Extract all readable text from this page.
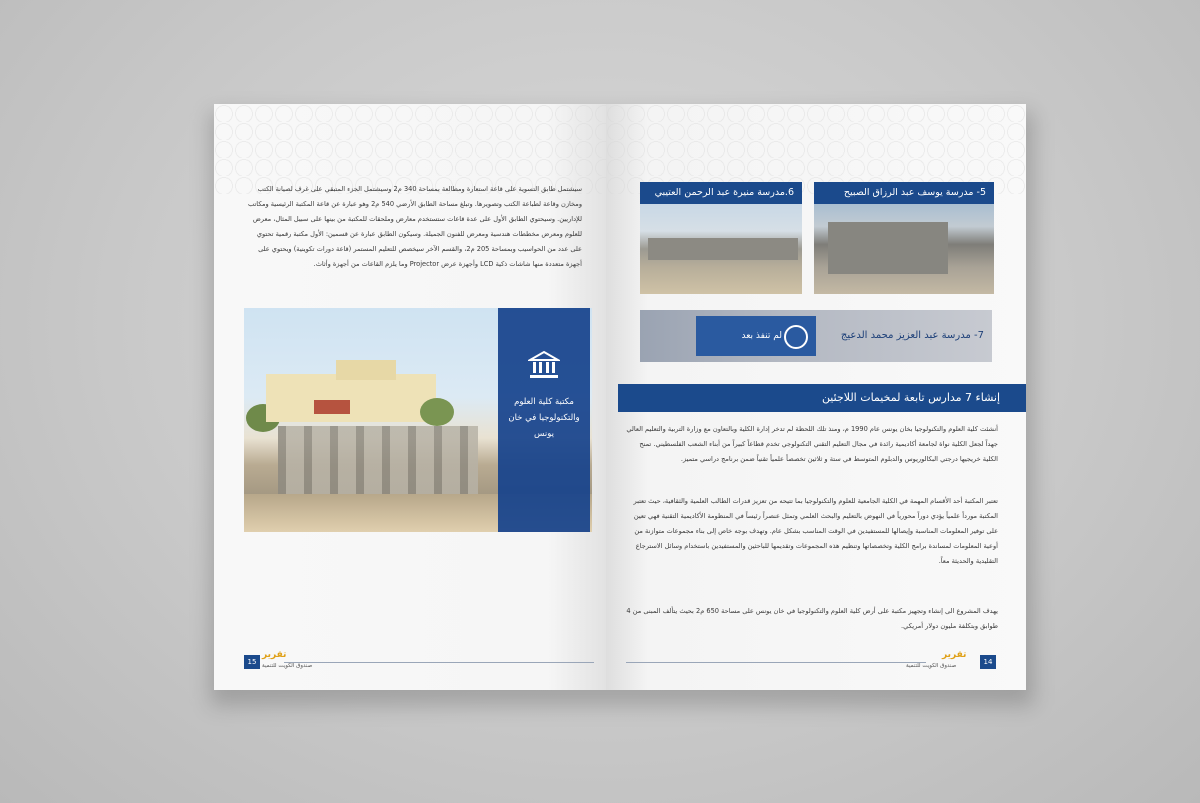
سيشتمل طابق التسوية على قاعة استعارة ومطالعة بمساحة 340 م2 وسيشتمل الجزء المتبقي على غرف لصيانة الكتب ومخازن وقاعة لطباعة الكتب وتصويرها. وتبلغ مساحة الطابق الأرضي 540 م2 وهو عبارة عن قاعة المكتبة الرئيسية ومكاتب للإداريين. وسيحتوي الطابق الأول على عدة قاعات ستستخدم معارض وملحقات للمكتبة من بينها على سبيل المثال، معرض للعلوم ومعرض مخططات هندسية ومعرض للفنون الجميلة. وسيكون الطابق عبارة عن قسمين: الأول مكتبة رقمية تحتوي على عدد من الحواسيب وبمساحة 205 م2، والقسم الآخر سيخصص للتعليم المستمر (قاعة دورات تكوينية) ويحتوي على أجهزة متعددة منها شاشات ذكية LCD وأجهزة عرض Projector وما يلزم القاعات من أجهزة وأثاث.
مكتبة كلية العلوم والتكنولوجيا في خان يونس
15
تقرير
صندوق الكويت للتنمية
5- مدرسة يوسف عبد الرزاق الصبيح
6.مدرسة منيرة عبد الرحمن العتيبي
لم تنفذ بعد	7- مدرسة عبد العزيز محمد الدعيج
إنشاء 7 مدارس تابعة لمخيمات اللاجئين
أنشئت كلية العلوم والتكنولوجيا بخان يونس عام 1990 م، ومنذ تلك اللحظة لم تدخر إدارة الكلية وبالتعاون مع وزارة التربية والتعليم العالي جهداً لجعل الكلية نواة لجامعة أكاديمية رائدة في مجال التعليم التقني التكنولوجي تخدم قطاعاً كبيراً من أبناء الشعب الفلسطيني. تمنح الكلية خريجيها درجتي البكالوريوس والدبلوم المتوسط في ستة و ثلاثين تخصصاً علمياً تقنياً ضمن برنامج دراسي متميز.
تعتبر المكتبة أحد الأقسام المهمة في الكلية الجامعية للعلوم والتكنولوجيا بما تتيحه من تعزيز قدرات الطالب العلمية والثقافية، حيث تعتبر المكتبة مورداً علمياً يؤدي دوراً محورياً في النهوض بالتعليم والبحث العلمي وتمثل عنصراً رئيساً في المنظومة الأكاديمية التقنية فهي تعين على توفير المعلومات المناسبة وإيصالها للمستفيدين في الوقت المناسب بشكل عام. وتهدف بوجه خاص إلى بناء مجموعات متوازنة من أوعية المعلومات لمساندة برامج الكلية وتخصصاتها وتنظيم هذه المجموعات وتقديمها للباحثين والمستفيدين باستخدام وسائل الاسترجاع التقليدية والحديثة معاً.
يهدف المشروع الى إنشاء وتجهيز مكتبة على أرض كلية العلوم والتكنولوجيا في خان يونس على مساحة 650 م2 بحيث يتألف المبنى من 4 طوابق وبتكلفة مليون دولار أمريكي.
14
تقرير
صندوق الكويت للتنمية
